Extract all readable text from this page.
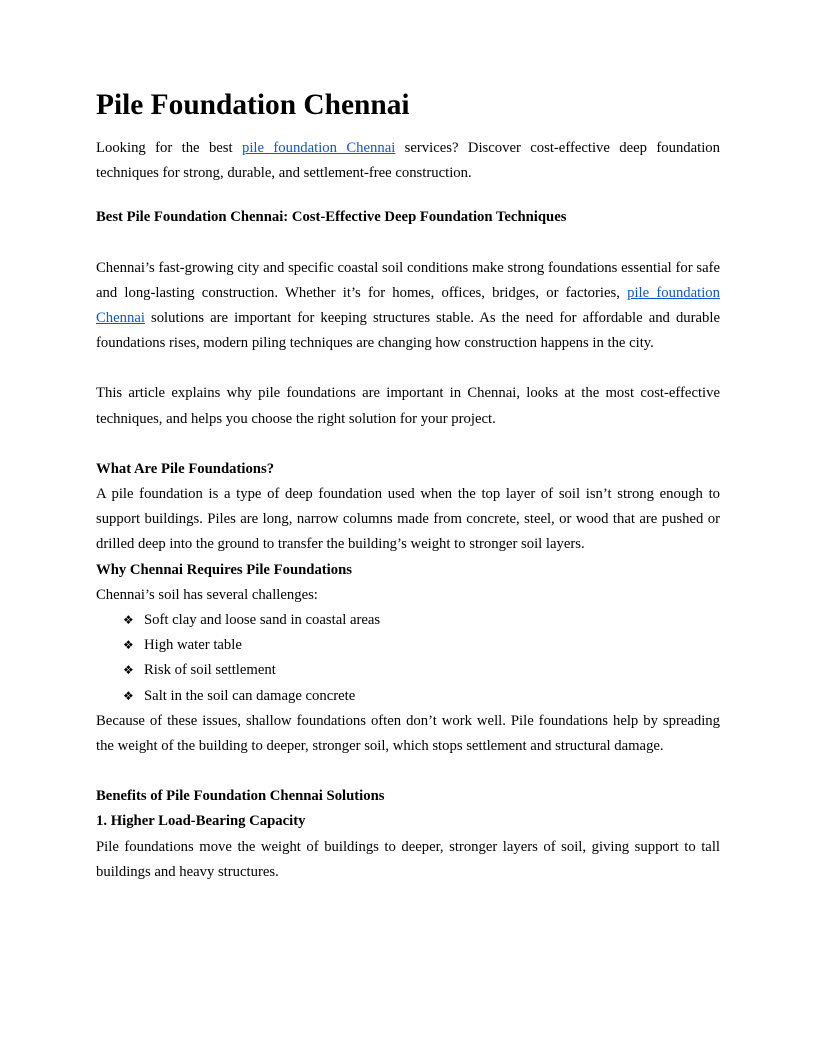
Pile Foundation Chennai

Looking for the best pile foundation Chennai services? Discover cost-effective deep foundation techniques for strong, durable, and settlement-free construction.

Best Pile Foundation Chennai: Cost-Effective Deep Foundation Techniques

Chennai’s fast-growing city and specific coastal soil conditions make strong foundations essential for safe and long-lasting construction. Whether it’s for homes, offices, bridges, or factories, pile foundation Chennai solutions are important for keeping structures stable. As the need for affordable and durable foundations rises, modern piling techniques are changing how construction happens in the city.

This article explains why pile foundations are important in Chennai, looks at the most cost-effective techniques, and helps you choose the right solution for your project.

What Are Pile Foundations?

A pile foundation is a type of deep foundation used when the top layer of soil isn’t strong enough to support buildings. Piles are long, narrow columns made from concrete, steel, or wood that are pushed or drilled deep into the ground to transfer the building’s weight to stronger soil layers.

Why Chennai Requires Pile Foundations

Chennai’s soil has several challenges:

❖ Soft clay and loose sand in coastal areas
❖ High water table
❖ Risk of soil settlement
❖ Salt in the soil can damage concrete

Because of these issues, shallow foundations often don’t work well. Pile foundations help by spreading the weight of the building to deeper, stronger soil, which stops settlement and structural damage.

Benefits of Pile Foundation Chennai Solutions
1. Higher Load-Bearing Capacity

Pile foundations move the weight of buildings to deeper, stronger layers of soil, giving support to tall buildings and heavy structures.
